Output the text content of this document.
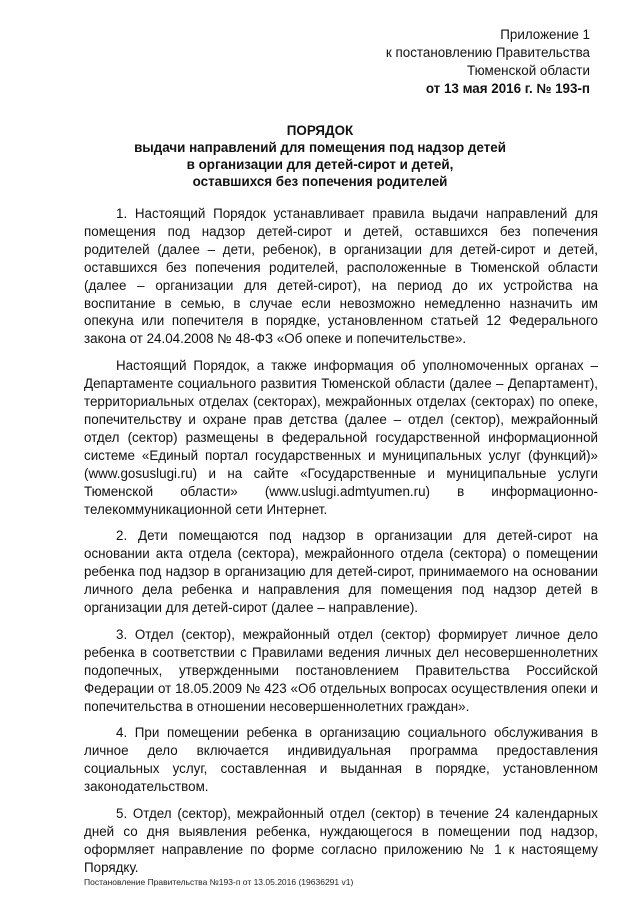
Приложение 1
к постановлению Правительства
Тюменской области
от 13 мая 2016 г. № 193-п
ПОРЯДОК
выдачи направлений для помещения под надзор детей
в организации для детей-сирот и детей,
оставшихся без попечения родителей

1. Настоящий Порядок устанавливает правила выдачи направлений для помещения под надзор детей-сирот и детей, оставшихся без попечения родителей (далее – дети, ребенок), в организации для детей-сирот и детей, оставшихся без попечения родителей, расположенные в Тюменской области (далее – организации для детей-сирот), на период до их устройства на воспитание в семью, в случае если невозможно немедленно назначить им опекуна или попечителя в порядке, установленном статьей 12 Федерального закона от 24.04.2008 № 48-ФЗ «Об опеке и попечительстве».

Настоящий Порядок, а также информация об уполномоченных органах – Департаменте социального развития Тюменской области (далее – Департамент), территориальных отделах (секторах), межрайонных отделах (секторах) по опеке, попечительству и охране прав детства (далее – отдел (сектор), межрайонный отдел (сектор) размещены в федеральной государственной информационной системе «Единый портал государственных и муниципальных услуг (функций)» (www.gosuslugi.ru) и на сайте «Государственные и муниципальные услуги Тюменской области» (www.uslugi.admtyumen.ru) в информационно-телекоммуникационной сети Интернет.

2. Дети помещаются под надзор в организации для детей-сирот на основании акта отдела (сектора), межрайонного отдела (сектора) о помещении ребенка под надзор в организацию для детей-сирот, принимаемого на основании личного дела ребенка и направления для помещения под надзор детей в организации для детей-сирот (далее – направление).

3. Отдел (сектор), межрайонный отдел (сектор) формирует личное дело ребенка в соответствии с Правилами ведения личных дел несовершеннолетних подопечных, утвержденными постановлением Правительства Российской Федерации от 18.05.2009 № 423 «Об отдельных вопросах осуществления опеки и попечительства в отношении несовершеннолетних граждан».

4. При помещении ребенка в организацию социального обслуживания в личное дело включается индивидуальная программа предоставления социальных услуг, составленная и выданная в порядке, установленном законодательством.

5. Отдел (сектор), межрайонный отдел (сектор) в течение 24 календарных дней со дня выявления ребенка, нуждающегося в помещении под надзор, оформляет направление по форме согласно приложению № 1 к настоящему Порядку.

Постановление Правительства №193-п от 13.05.2016 (19636291 v1)
